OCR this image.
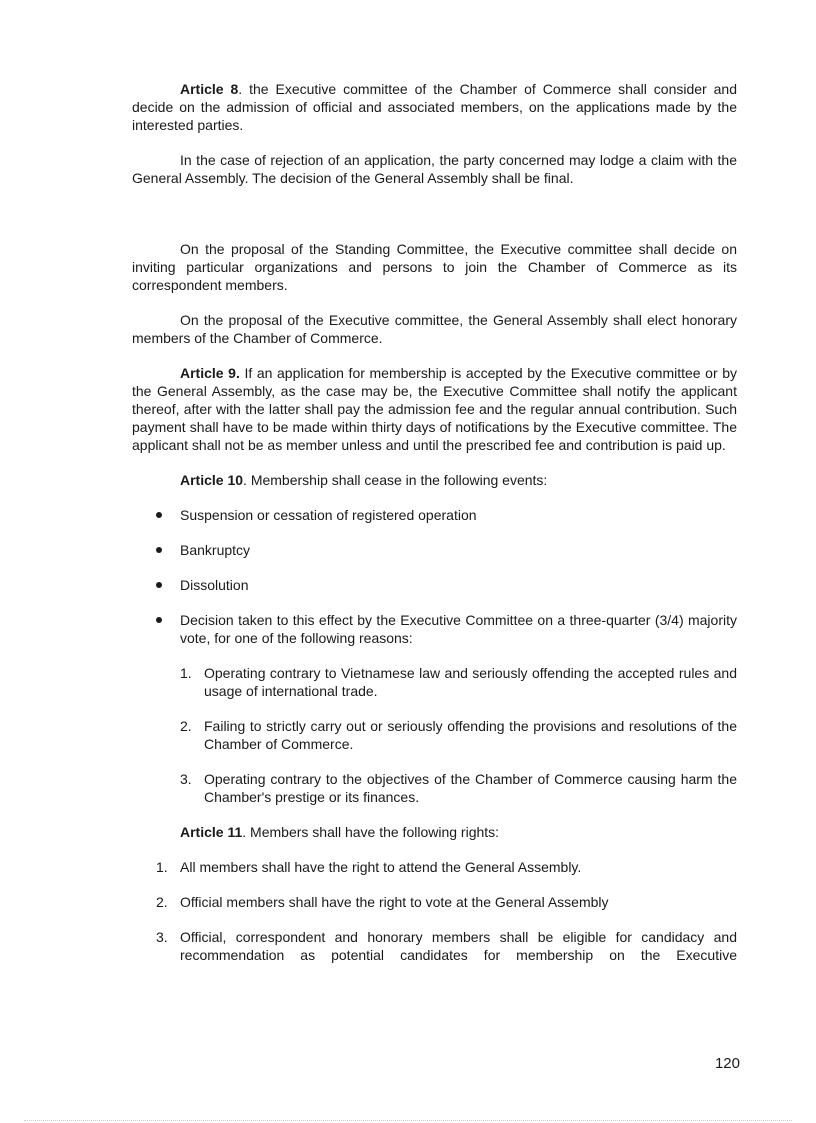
Article 8. the Executive committee of the Chamber of Commerce shall consider and decide on the admission of official and associated members, on the applications made by the interested parties.

In the case of rejection of an application, the party concerned may lodge a claim with the General Assembly. The decision of the General Assembly shall be final.

On the proposal of the Standing Committee, the Executive committee shall decide on inviting particular organizations and persons to join the Chamber of Commerce as its correspondent members.

On the proposal of the Executive committee, the General Assembly shall elect honorary members of the Chamber of Commerce.

Article 9. If an application for membership is accepted by the Executive committee or by the General Assembly, as the case may be, the Executive Committee shall notify the applicant thereof, after with the latter shall pay the admission fee and the regular annual contribution. Such payment shall have to be made within thirty days of notifications by the Executive committee. The applicant shall not be as member unless and until the prescribed fee and contribution is paid up.

Article 10. Membership shall cease in the following events:

Suspension or cessation of registered operation
Bankruptcy
Dissolution
Decision taken to this effect by the Executive Committee on a three-quarter (3/4) majority vote, for one of the following reasons:
1. Operating contrary to Vietnamese law and seriously offending the accepted rules and usage of international trade.
2. Failing to strictly carry out or seriously offending the provisions and resolutions of the Chamber of Commerce.
3. Operating contrary to the objectives of the Chamber of Commerce causing harm the Chamber's prestige or its finances.

Article 11. Members shall have the following rights:

1. All members shall have the right to attend the General Assembly.
2. Official members shall have the right to vote at the General Assembly
3. Official, correspondent and honorary members shall be eligible for candidacy and recommendation as potential candidates for membership on the Executive
120
